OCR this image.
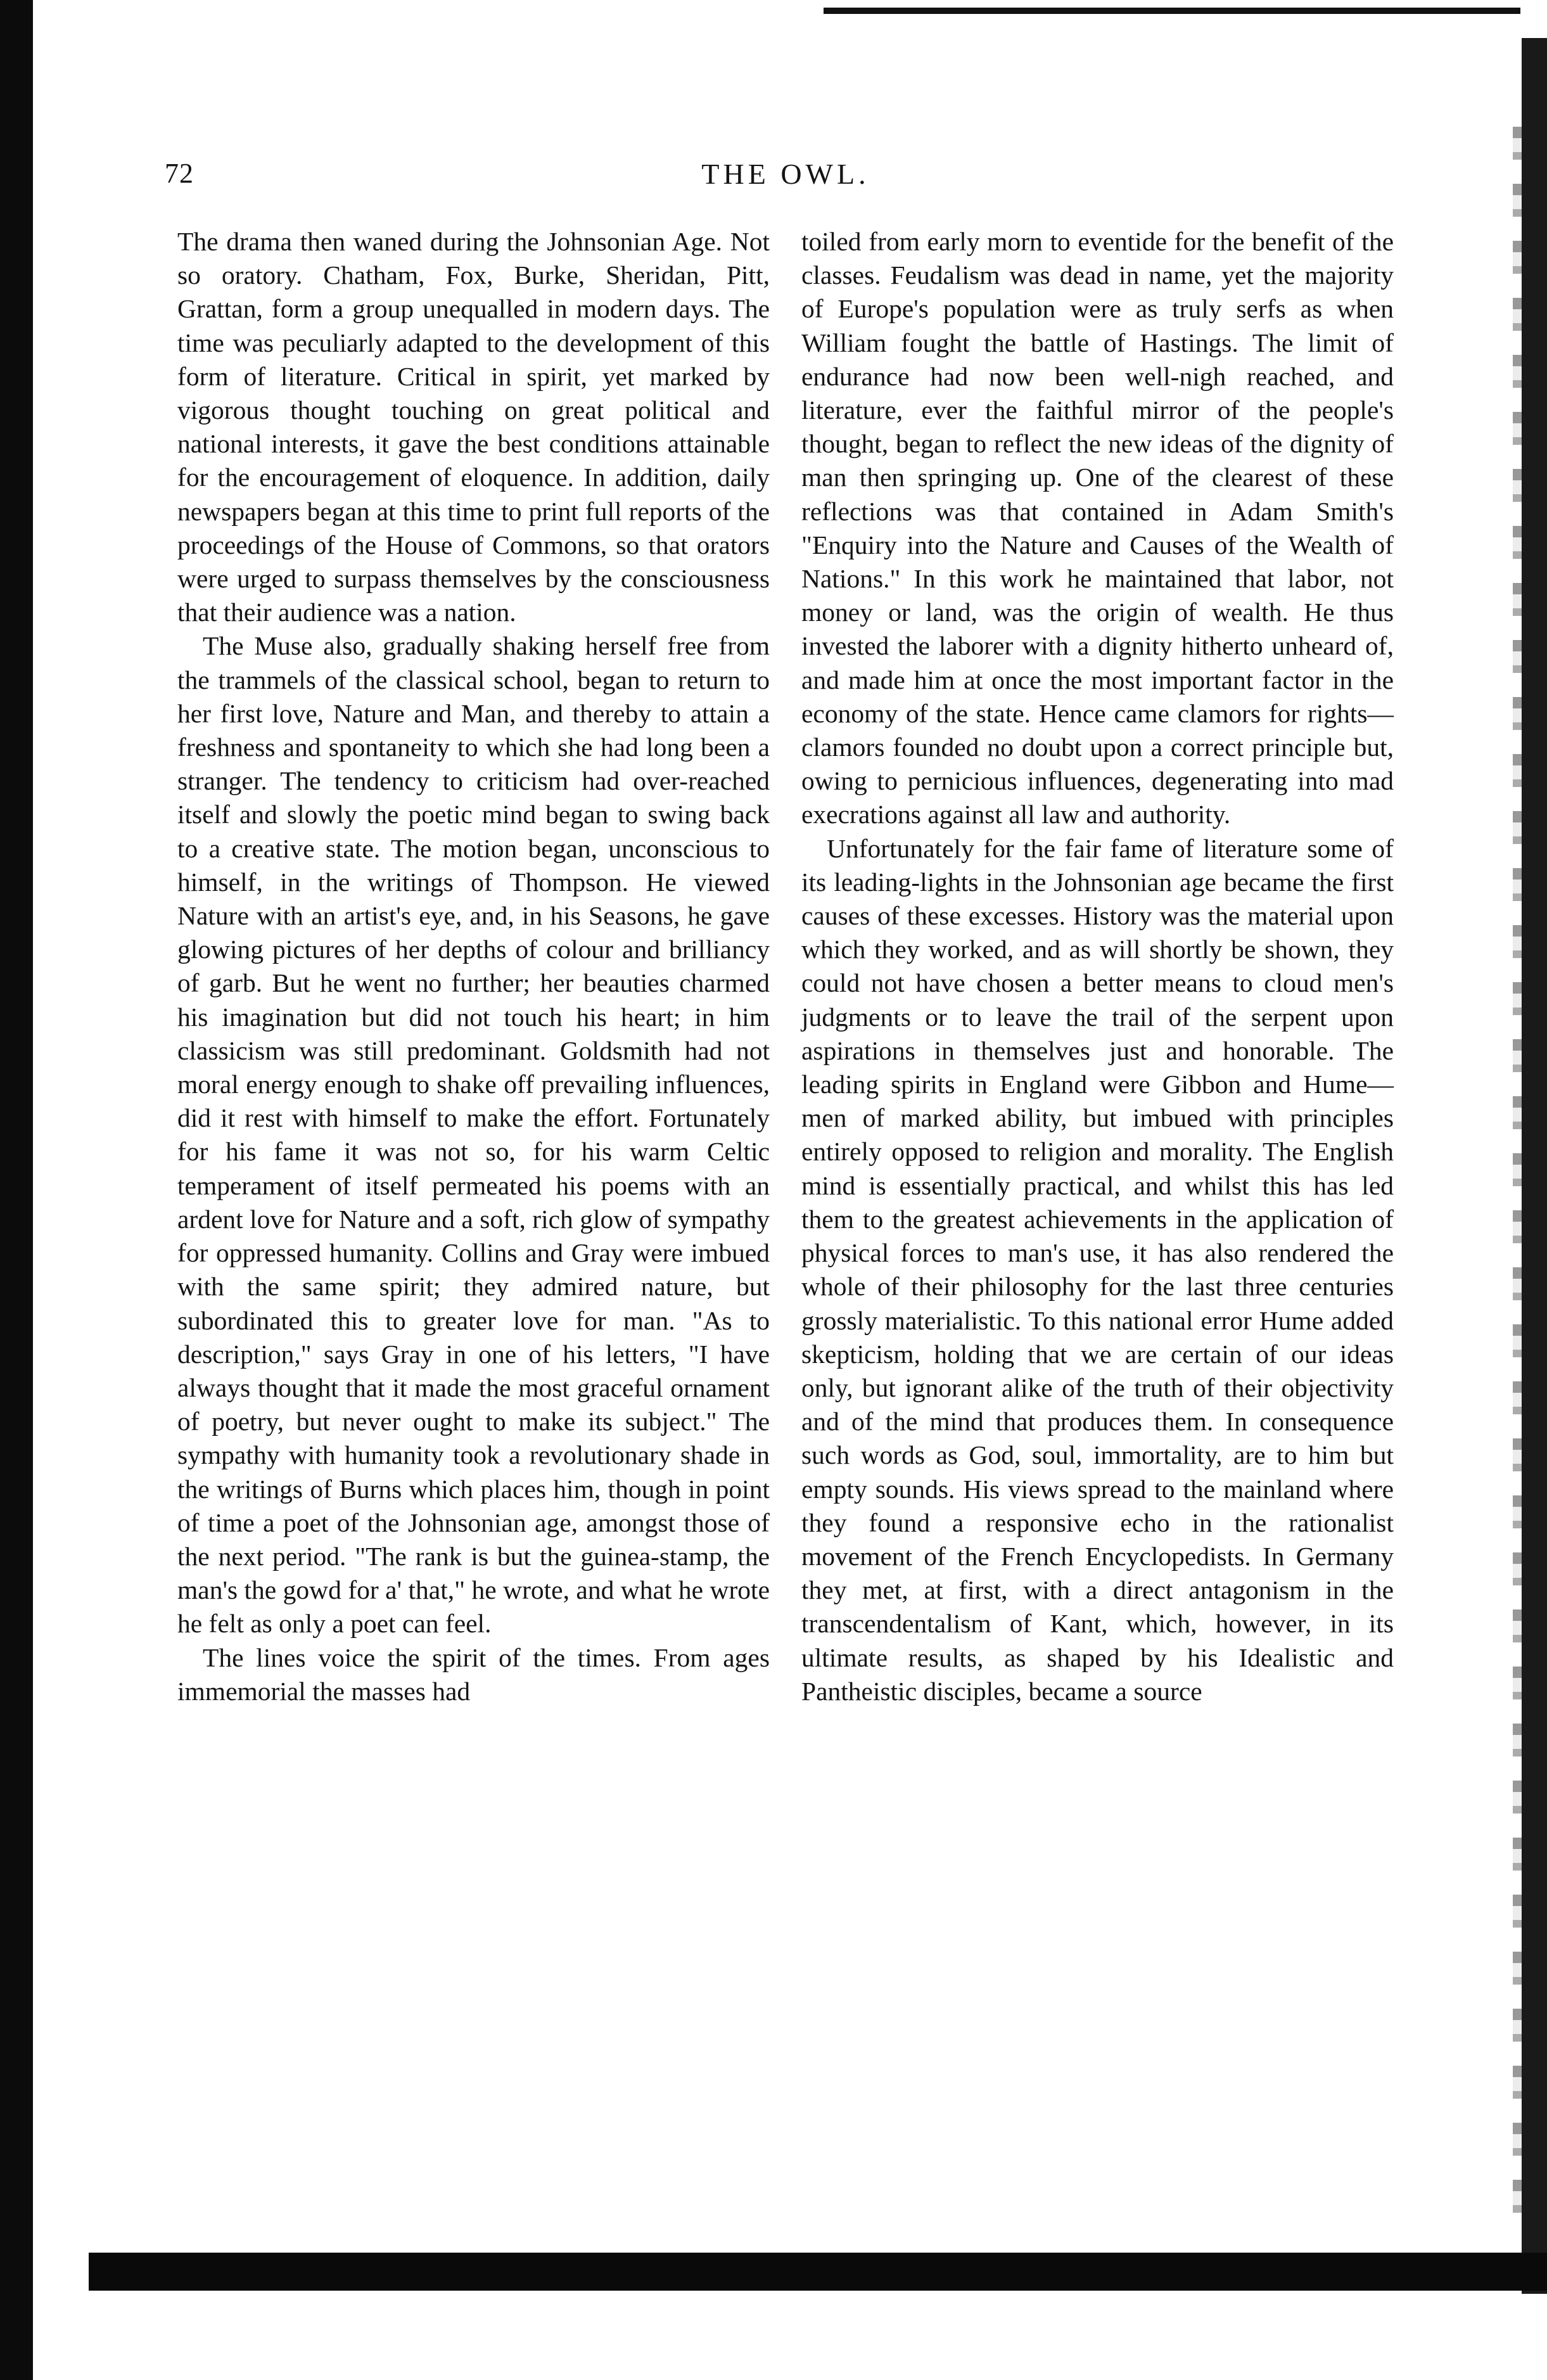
72	THE OWL.

The drama then waned during the Johnsonian Age. Not so oratory. Chatham, Fox, Burke, Sheridan, Pitt, Grattan, form a group unequalled in modern days. The time was peculiarly adapted to the development of this form of literature. Critical in spirit, yet marked by vigorous thought touching on great political and national interests, it gave the best conditions attainable for the encouragement of eloquence. In addition, daily newspapers began at this time to print full reports of the proceedings of the House of Commons, so that orators were urged to surpass themselves by the consciousness that their audience was a nation.

The Muse also, gradually shaking herself free from the trammels of the classical school, began to return to her first love, Nature and Man, and thereby to attain a freshness and spontaneity to which she had long been a stranger. The tendency to criticism had over-reached itself and slowly the poetic mind began to swing back to a creative state. The motion began, unconscious to himself, in the writings of Thompson. He viewed Nature with an artist's eye, and, in his Seasons, he gave glowing pictures of her depths of colour and brilliancy of garb. But he went no further; her beauties charmed his imagination but did not touch his heart; in him classicism was still predominant. Goldsmith had not moral energy enough to shake off prevailing influences, did it rest with himself to make the effort. Fortunately for his fame it was not so, for his warm Celtic temperament of itself permeated his poems with an ardent love for Nature and a soft, rich glow of sympathy for oppressed humanity. Collins and Gray were imbued with the same spirit; they admired nature, but subordinated this to greater love for man. "As to description," says Gray in one of his letters, "I have always thought that it made the most graceful ornament of poetry, but never ought to make its subject." The sympathy with humanity took a revolutionary shade in the writings of Burns which places him, though in point of time a poet of the Johnsonian age, amongst those of the next period. "The rank is but the guinea-stamp, the man's the gowd for a' that," he wrote, and what he wrote he felt as only a poet can feel.

The lines voice the spirit of the times. From ages immemorial the masses had

toiled from early morn to eventide for the benefit of the classes. Feudalism was dead in name, yet the majority of Europe's population were as truly serfs as when William fought the battle of Hastings. The limit of endurance had now been well-nigh reached, and literature, ever the faithful mirror of the people's thought, began to reflect the new ideas of the dignity of man then springing up. One of the clearest of these reflections was that contained in Adam Smith's "Enquiry into the Nature and Causes of the Wealth of Nations." In this work he maintained that labor, not money or land, was the origin of wealth. He thus invested the laborer with a dignity hitherto unheard of, and made him at once the most important factor in the economy of the state. Hence came clamors for rights—clamors founded no doubt upon a correct principle but, owing to pernicious influences, degenerating into mad execrations against all law and authority.

Unfortunately for the fair fame of literature some of its leading-lights in the Johnsonian age became the first causes of these excesses. History was the material upon which they worked, and as will shortly be shown, they could not have chosen a better means to cloud men's judgments or to leave the trail of the serpent upon aspirations in themselves just and honorable. The leading spirits in England were Gibbon and Hume—men of marked ability, but imbued with principles entirely opposed to religion and morality. The English mind is essentially practical, and whilst this has led them to the greatest achievements in the application of physical forces to man's use, it has also rendered the whole of their philosophy for the last three centuries grossly materialistic. To this national error Hume added skepticism, holding that we are certain of our ideas only, but ignorant alike of the truth of their objectivity and of the mind that produces them. In consequence such words as God, soul, immortality, are to him but empty sounds. His views spread to the mainland where they found a responsive echo in the rationalist movement of the French Encyclopedists. In Germany they met, at first, with a direct antagonism in the transcendentalism of Kant, which, however, in its ultimate results, as shaped by his Idealistic and Pantheistic disciples, became a source
